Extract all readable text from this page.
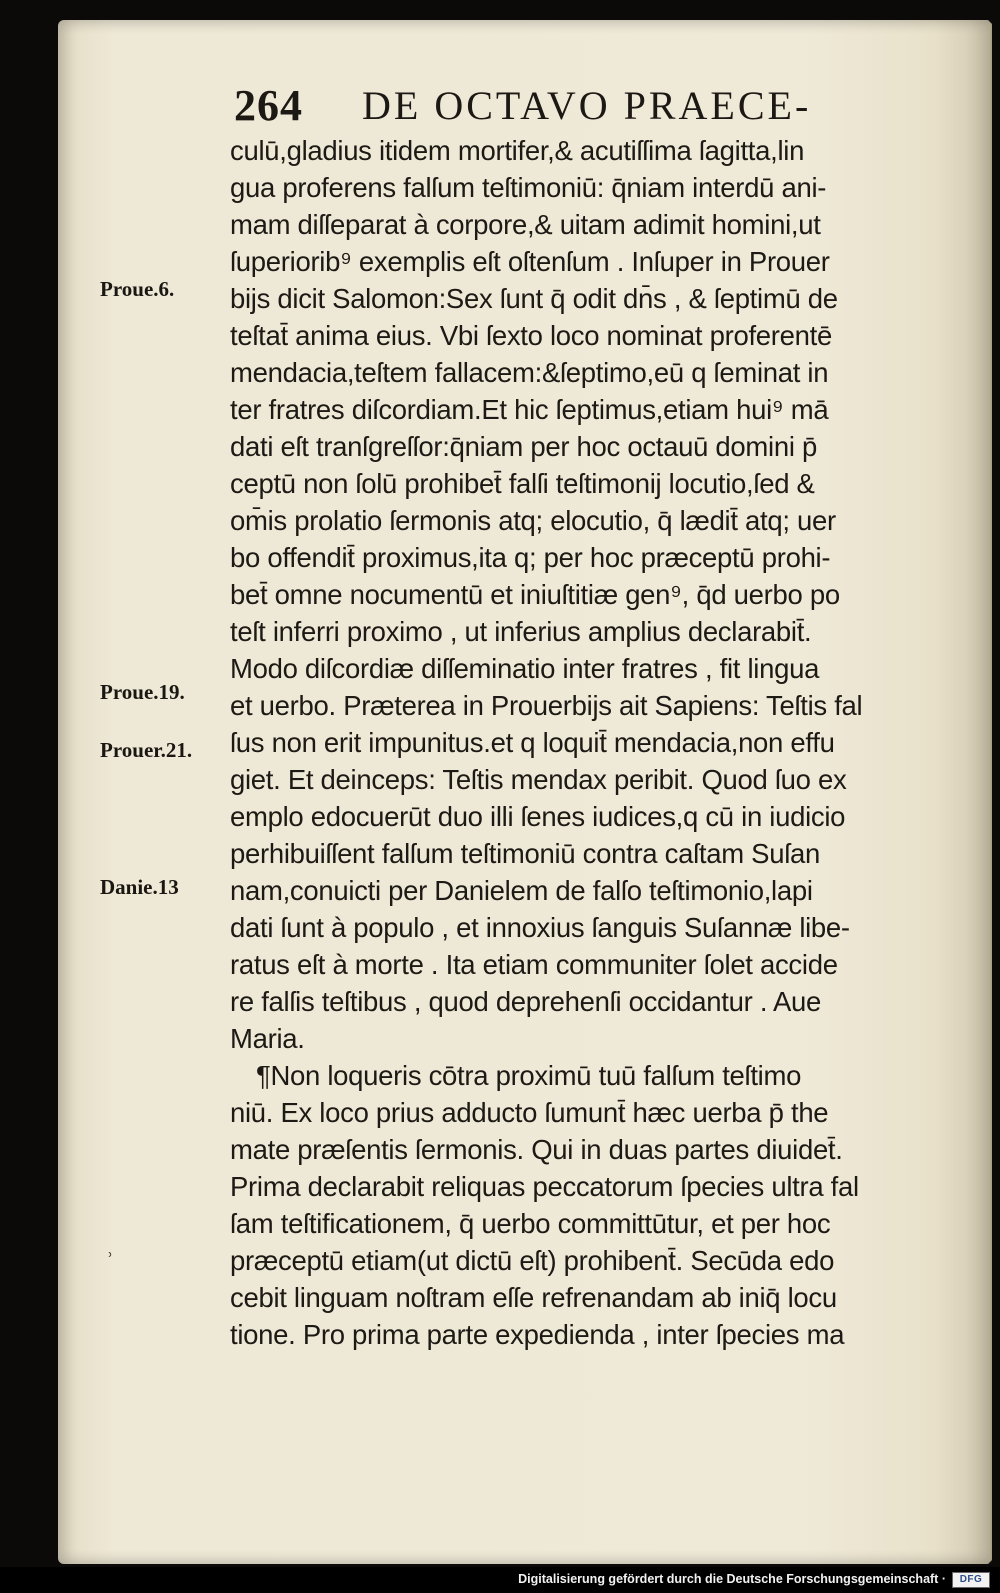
264 DE OCTAVO PRAECE-
Proue.6.
Proue.19.
Prouer.21.
Danie.13
˒
culū,gladius itidem mortifer,& acutiſſima ſagitta,lin
gua proferens falſum teſtimoniū: q̄niam interdū ani-
mam diſſeparat à corpore,& uitam adimit homini,ut
ſuperiorib⁹ exemplis eſt oſtenſum . Inſuper in Prouer
bijs dicit Salomon:Sex ſunt q̄ odit dn̄s , & ſeptimū de
teſtat̄ anima eius. Vbi ſexto loco nominat proferentē
mendacia,teſtem fallacem:&ſeptimo,eū q ſeminat in
ter fratres diſcordiam.Et hic ſeptimus,etiam hui⁹ mā
dati eſt tranſgreſſor:q̄niam per hoc octauū domini p̄
ceptū non ſolū prohibet̄ falſi teſtimonij locutio,ſed &
om̄is prolatio ſermonis atq; elocutio, q̄ lædit̄ atq; uer
bo offendit̄ proximus,ita q; per hoc præceptū prohi-
bet̄ omne nocumentū et iniuſtitiæ gen⁹, q̄d uerbo po
teſt inferri proximo , ut inferius amplius declarabit̄.
Modo diſcordiæ diſſeminatio inter fratres , fit lingua
et uerbo. Præterea in Prouerbijs ait Sapiens: Teſtis fal
ſus non erit impunitus.et q loquit̄ mendacia,non effu
giet. Et deinceps: Teſtis mendax peribit. Quod ſuo ex
emplo edocuerūt duo illi ſenes iudices,q cū in iudicio
perhibuiſſent falſum teſtimoniū contra caſtam Suſan
nam,conuicti per Danielem de falſo teſtimonio,lapi
dati ſunt à populo , et innoxius ſanguis Suſannæ libe-
ratus eſt à morte . Ita etiam communiter ſolet accide
re falſis teſtibus , quod deprehenſi occidantur . Aue
Maria.
¶Non loqueris cōtra proximū tuū falſum teſtimo
niū. Ex loco prius adducto ſumunt̄ hæc uerba p̄ the
mate præſentis ſermonis. Qui in duas partes diuidet̄.
Prima declarabit reliquas peccatorum ſpecies ultra fal
ſam teſtificationem, q̄ uerbo committūtur, et per hoc
præceptū etiam(ut dictū eſt) prohibent̄. Secūda edo
cebit linguam noſtram eſſe refrenandam ab iniq̄ locu
tione. Pro prima parte expedienda , inter ſpecies ma
Digitalisierung gefördert durch die Deutsche Forschungsgemeinschaft ·	DFG
